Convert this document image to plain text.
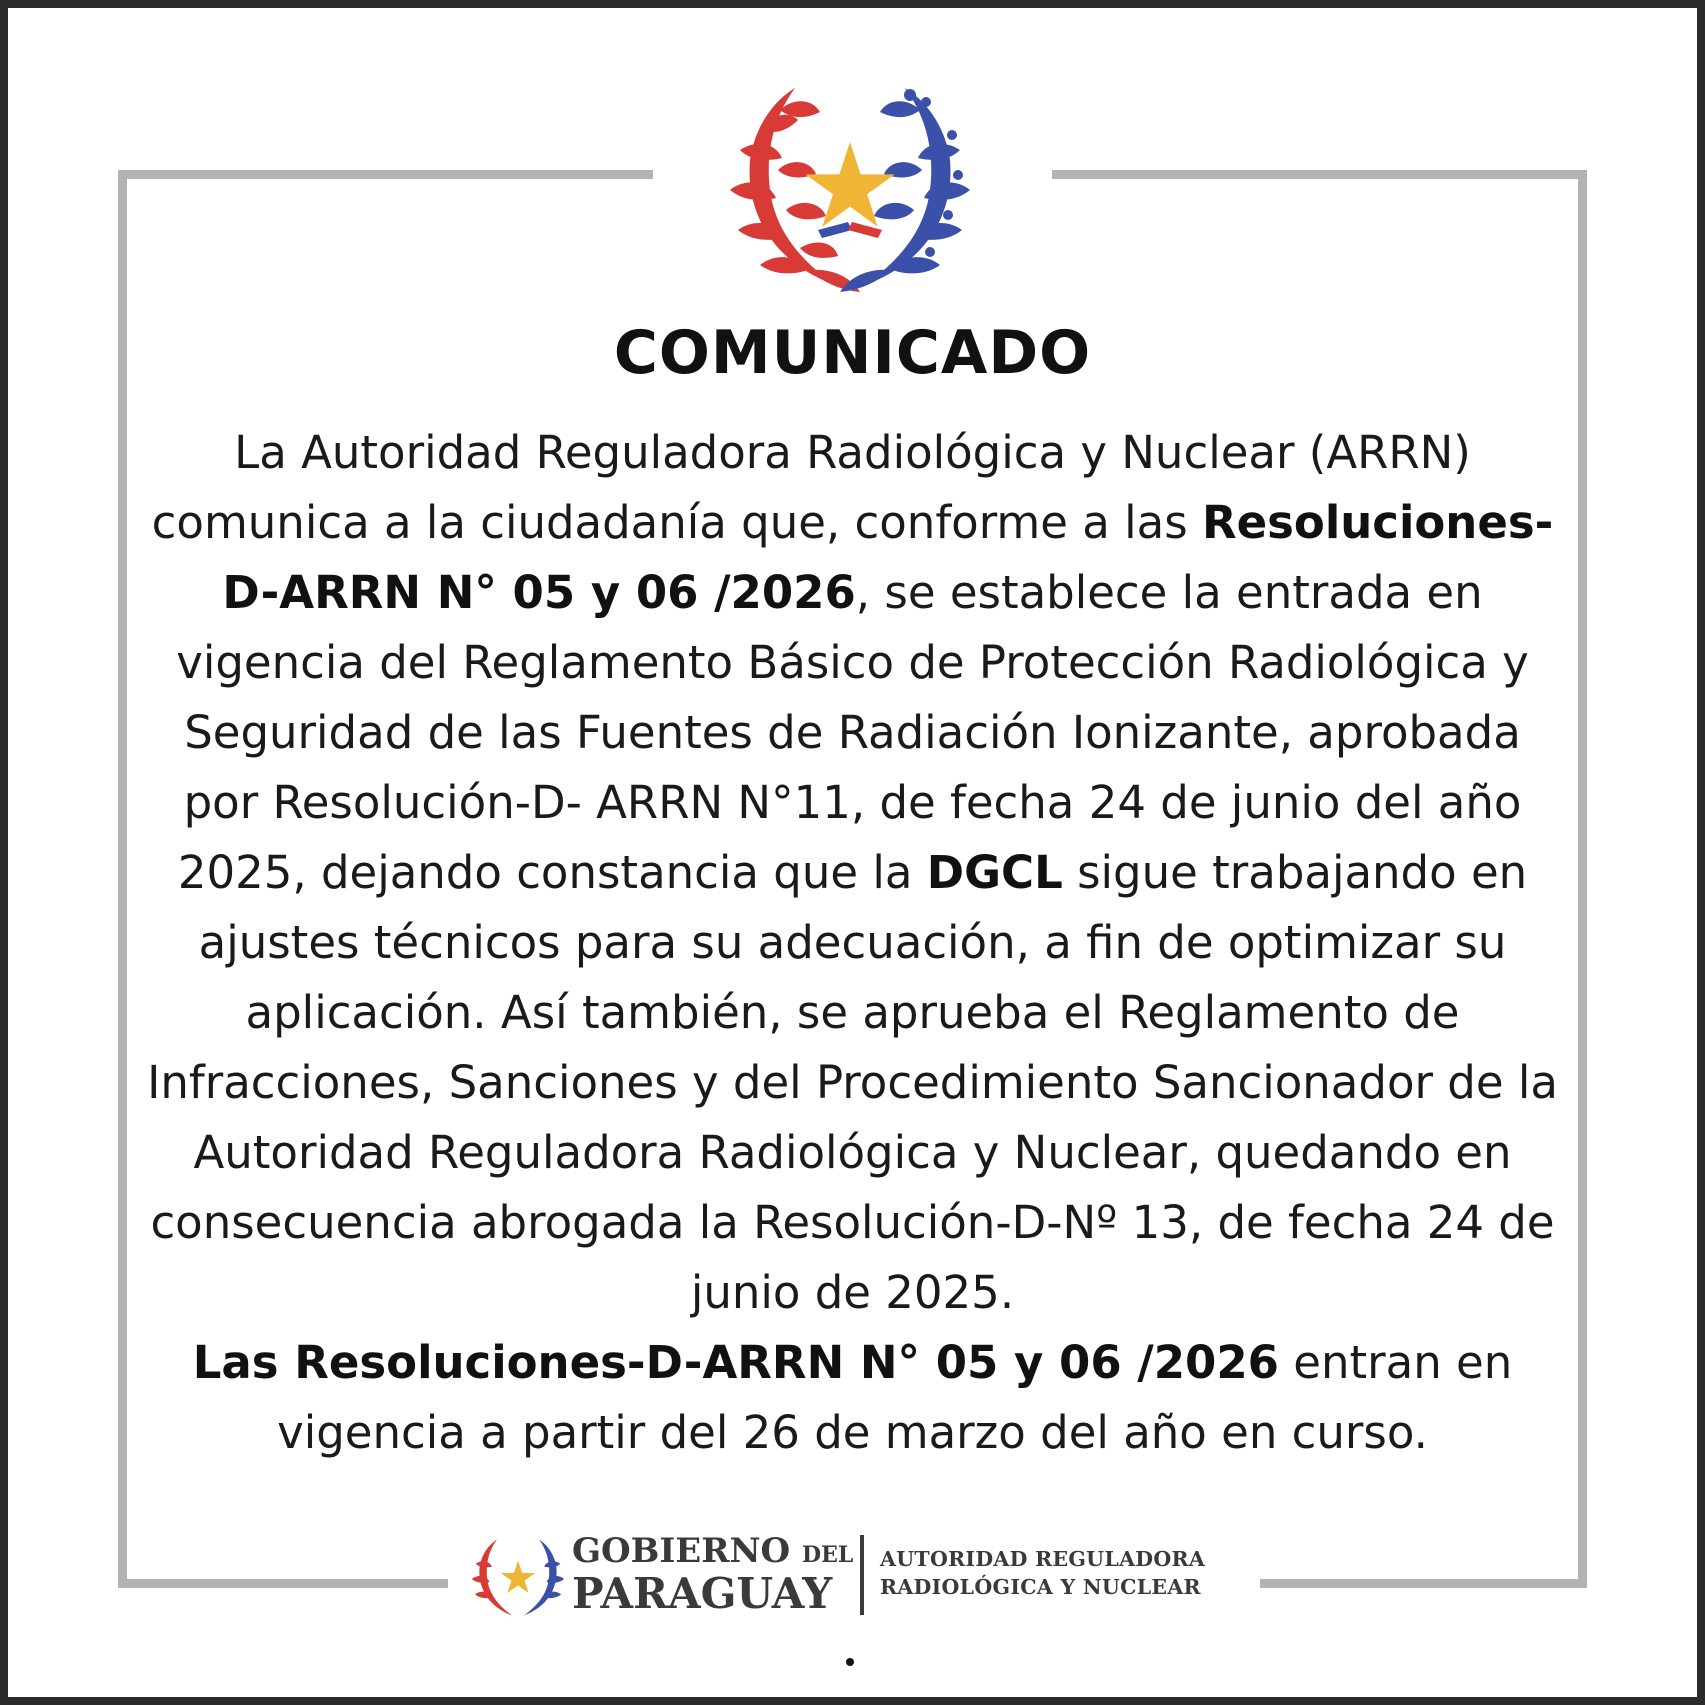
COMUNICADO
La Autoridad Reguladora Radiológica y Nuclear (ARRN) comunica a la ciudadanía que, conforme a las Resoluciones-D-ARRN N° 05 y 06 /2026, se establece la entrada en vigencia del Reglamento Básico de Protección Radiológica y Seguridad de las Fuentes de Radiación Ionizante, aprobada por Resolución-D- ARRN N°11, de fecha 24 de junio del año 2025, dejando constancia que la DGCL sigue trabajando en ajustes técnicos para su adecuación, a fin de optimizar su aplicación. Así también, se aprueba el Reglamento de Infracciones, Sanciones y del Procedimiento Sancionador de la Autoridad Reguladora Radiológica y Nuclear, quedando en consecuencia abrogada la Resolución-D-Nº 13, de fecha 24 de junio de 2025.
Las Resoluciones-D-ARRN N° 05 y 06 /2026 entran en vigencia a partir del 26 de marzo del año en curso.
GOBIERNO DEL
PARAGUAY
AUTORIDAD REGULADORA
RADIOLÓGICA Y NUCLEAR
